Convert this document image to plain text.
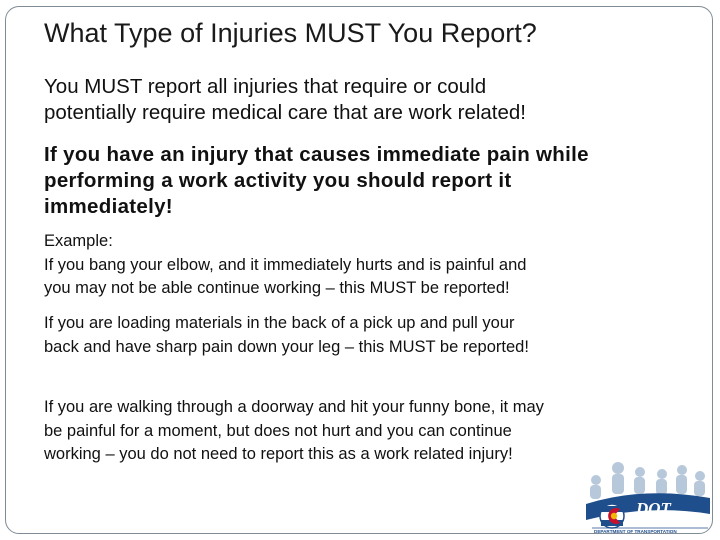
What Type of Injuries MUST You Report?
You MUST report all injuries that require or could
potentially require medical care that are work related!
If you have an injury that causes immediate pain while
performing a work activity you should report it
immediately!
Example:
If you bang your elbow, and it immediately hurts and is painful and
you may not be able continue working – this MUST be reported!
If you are loading materials in the back of a pick up and pull your
back and have sharp pain down your leg – this MUST be reported!
If you are walking through a doorway and hit your funny bone, it may
be painful for a moment, but does not hurt and you can continue
working – you do not need to report this as a work related injury!
DOT
DEPARTMENT OF TRANSPORTATION
